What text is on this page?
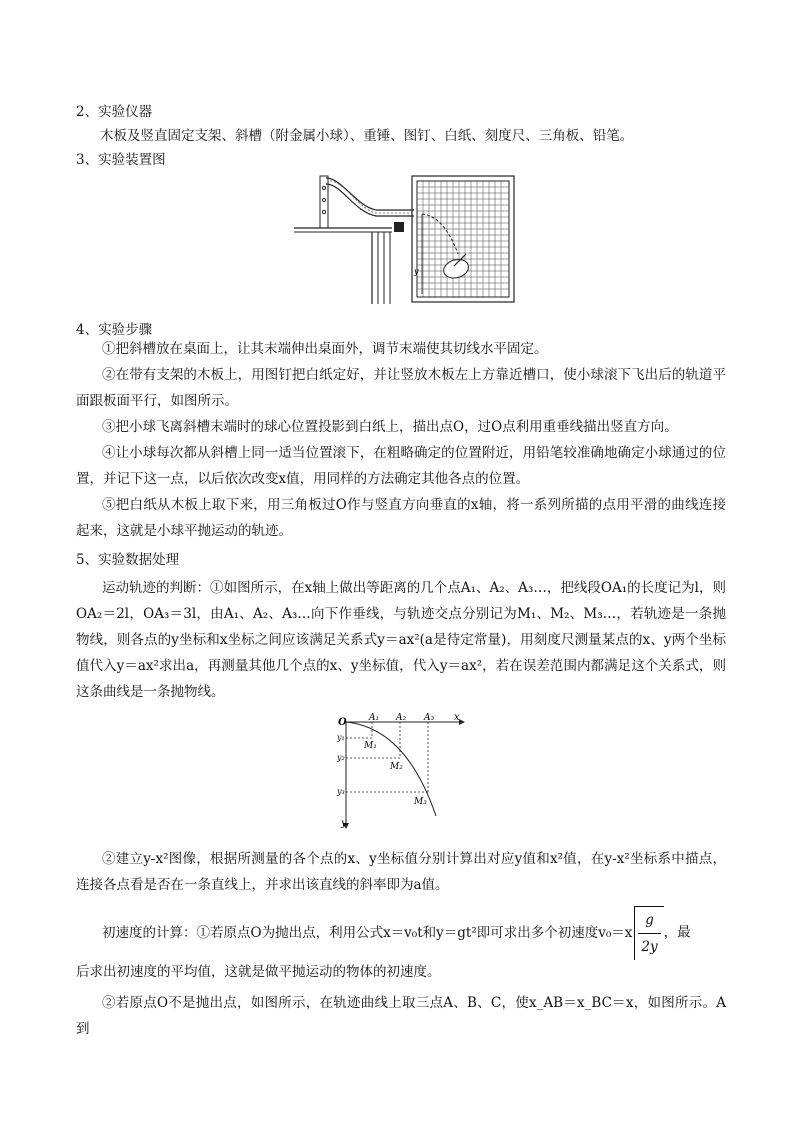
2、实验仪器
木板及竖直固定支架、斜槽（附金属小球）、重锤、图钉、白纸、刻度尺、三角板、铅笔。
3、实验装置图
y
4、实验步骤
①把斜槽放在桌面上，让其末端伸出桌面外，调节末端使其切线水平固定。
②在带有支架的木板上，用图钉把白纸定好，并让竖放木板左上方靠近槽口，使小球滚下飞出后的轨道平面跟板面平行，如图所示。
③把小球飞离斜槽末端时的球心位置投影到白纸上，描出点O，过O点利用重垂线描出竖直方向。
④让小球每次都从斜槽上同一适当位置滚下，在粗略确定的位置附近，用铅笔较准确地确定小球通过的位置，并记下这一点，以后依次改变x值，用同样的方法确定其他各点的位置。
⑤把白纸从木板上取下来，用三角板过O作与竖直方向垂直的x轴，将一系列所描的点用平滑的曲线连接起来，这就是小球平抛运动的轨迹。
5、实验数据处理
运动轨迹的判断：①如图所示，在x轴上做出等距离的几个点A₁、A₂、A₃…，把线段OA₁的长度记为l，则OA₂＝2l，OA₃＝3l，由A₁、A₂、A₃…向下作垂线，与轨迹交点分别记为M₁、M₂、M₃…，若轨迹是一条抛物线，则各点的y坐标和x坐标之间应该满足关系式y＝ax²(a是待定常量)，用刻度尺测量某点的x、y两个坐标值代入y＝ax²求出a，再测量其他几个点的x、y坐标值，代入y＝ax²，若在误差范围内都满足这个关系式，则这条曲线是一条抛物线。
O	x
y
A₁ A₂ A₃
y₁
y₂
y₃
M₁
M₂
M₃
②建立y-x²图像，根据所测量的各个点的x、y坐标值分别计算出对应y值和x²值，在y-x²坐标系中描点，连接各点看是否在一条直线上，并求出该直线的斜率即为a值。
初速度的计算：①若原点O为抛出点，利用公式x＝v₀t和y＝gt²即可求出多个初速度$v_0=x \frac{g}{2y}$ ，最
后求出初速度的平均值，这就是做平抛运动的物体的初速度。
②若原点O不是抛出点，如图所示，在轨迹曲线上取三点A、B、C，使x_AB＝x_BC＝x，如图所示。A到
